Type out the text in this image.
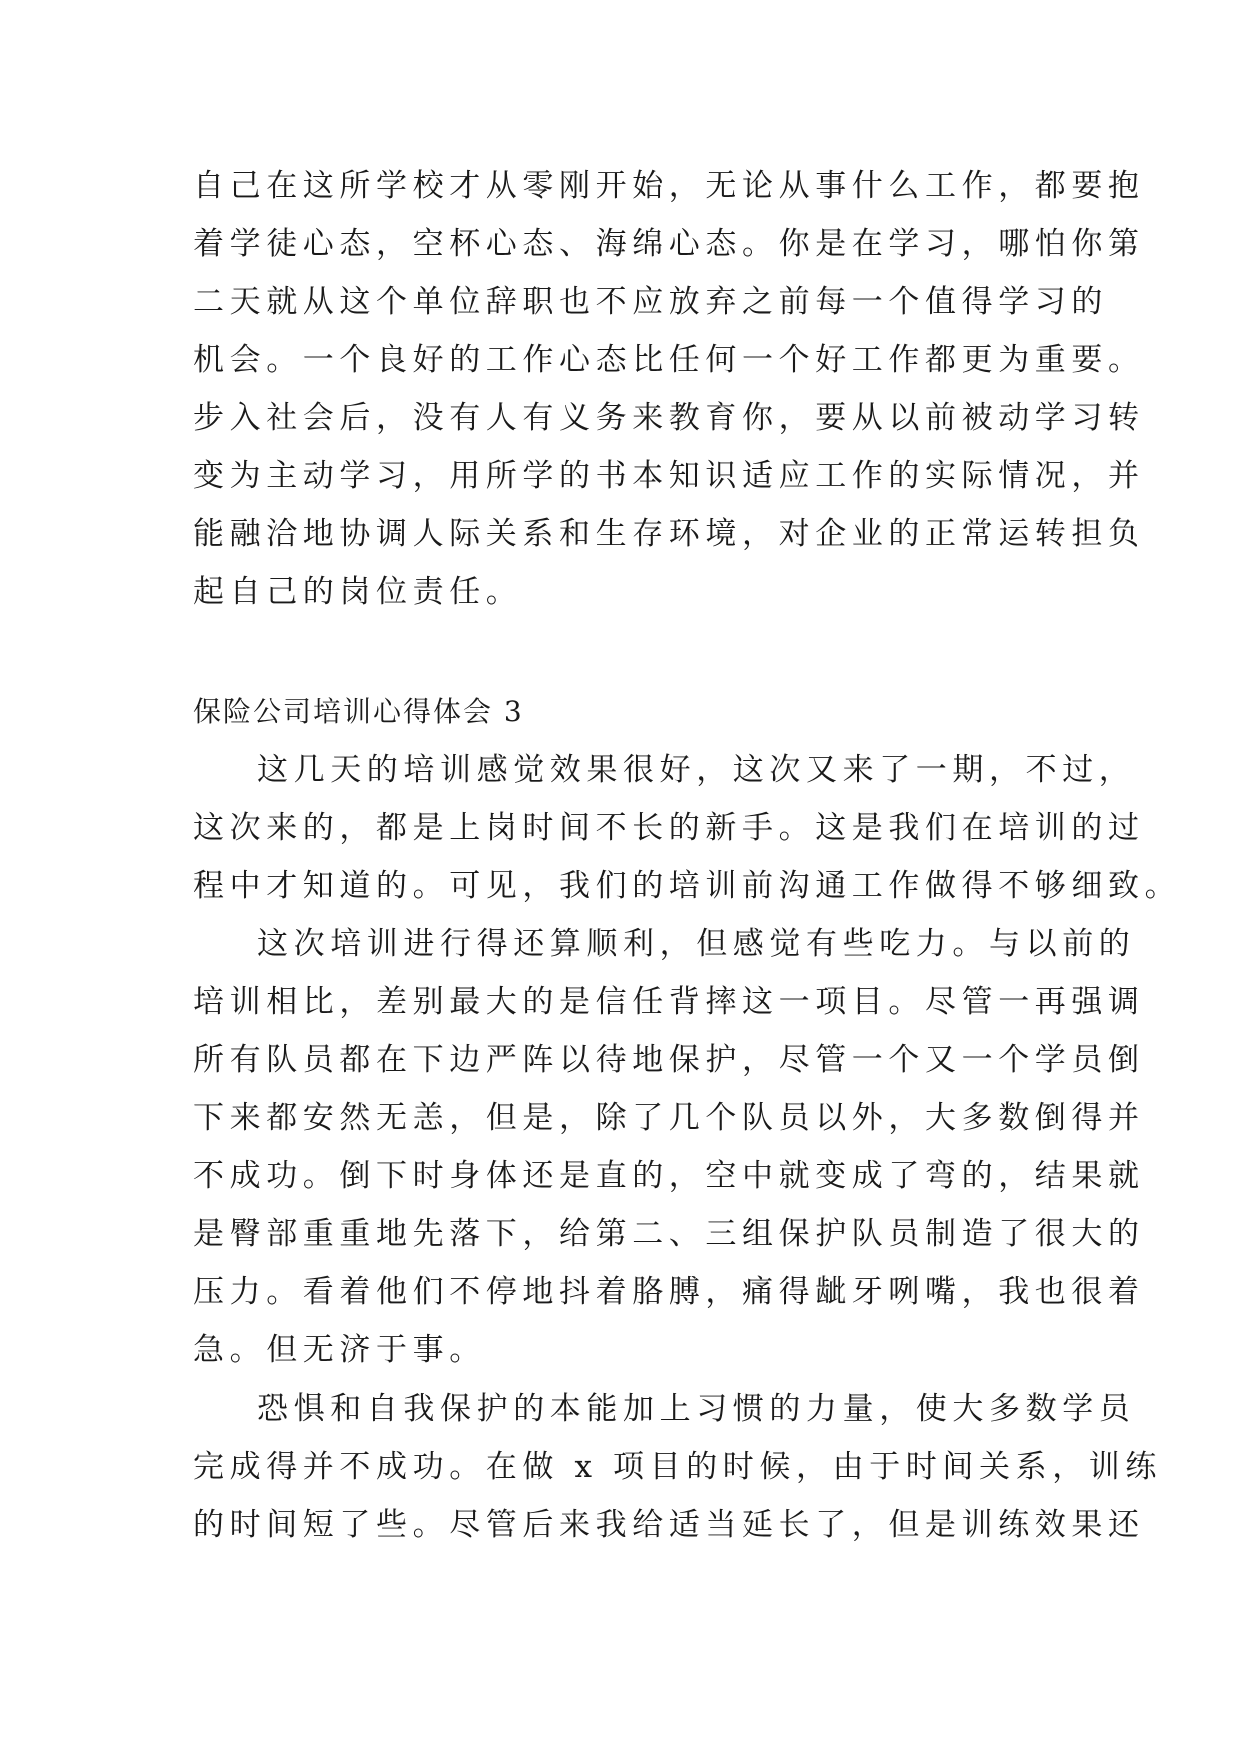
自己在这所学校才从零刚开始，无论从事什么工作，都要抱
着学徒心态，空杯心态、海绵心态。你是在学习，哪怕你第
二天就从这个单位辞职也不应放弃之前每一个值得学习的
机会。一个良好的工作心态比任何一个好工作都更为重要。
步入社会后，没有人有义务来教育你，要从以前被动学习转
变为主动学习，用所学的书本知识适应工作的实际情况，并
能融洽地协调人际关系和生存环境，对企业的正常运转担负
起自己的岗位责任。
保险公司培训心得体会 3
这几天的培训感觉效果很好，这次又来了一期，不过，
这次来的，都是上岗时间不长的新手。这是我们在培训的过
程中才知道的。可见，我们的培训前沟通工作做得不够细致。
这次培训进行得还算顺利，但感觉有些吃力。与以前的
培训相比，差别最大的是信任背摔这一项目。尽管一再强调
所有队员都在下边严阵以待地保护，尽管一个又一个学员倒
下来都安然无恙，但是，除了几个队员以外，大多数倒得并
不成功。倒下时身体还是直的，空中就变成了弯的，结果就
是臀部重重地先落下，给第二、三组保护队员制造了很大的
压力。看着他们不停地抖着胳膊，痛得龇牙咧嘴，我也很着
急。但无济于事。
恐惧和自我保护的本能加上习惯的力量，使大多数学员
完成得并不成功。在做 x 项目的时候，由于时间关系，训练
的时间短了些。尽管后来我给适当延长了，但是训练效果还
